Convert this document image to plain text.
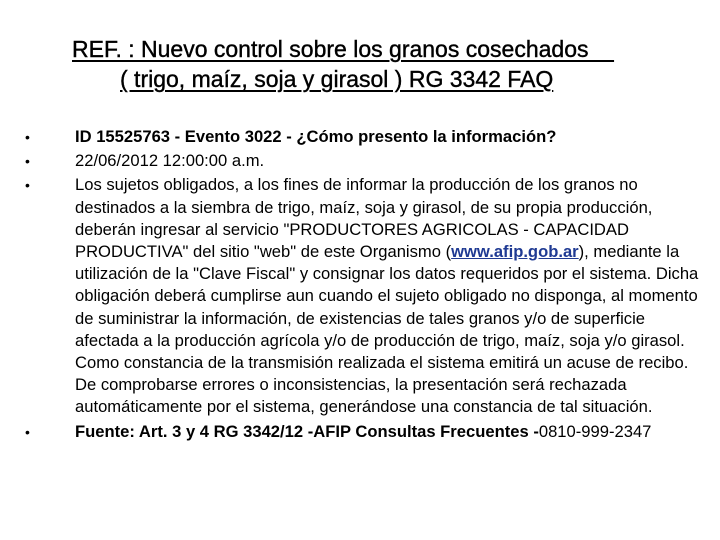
REF. : Nuevo control sobre los granos cosechados
( trigo, maíz, soja y girasol ) RG 3342 FAQ
•	ID 15525763 - Evento 3022 - ¿Cómo presento la información?
•	22/06/2012 12:00:00 a.m.
•	Los sujetos obligados, a los fines de informar la producción de los granos no destinados a la siembra de trigo, maíz, soja y girasol, de su propia producción, deberán ingresar al servicio "PRODUCTORES AGRICOLAS - CAPACIDAD PRODUCTIVA" del sitio "web" de este Organismo (www.afip.gob.ar), mediante la utilización de la "Clave Fiscal" y consignar los datos requeridos por el sistema. Dicha obligación deberá cumplirse aun cuando el sujeto obligado no disponga, al momento de suministrar la información, de existencias de tales granos y/o de superficie afectada a la producción agrícola y/o de producción de trigo, maíz, soja y/o girasol. Como constancia de la transmisión realizada el sistema emitirá un acuse de recibo. De comprobarse errores o inconsistencias, la presentación será rechazada automáticamente por el sistema, generándose una constancia de tal situación.
•	Fuente: Art. 3 y 4 RG 3342/12 -AFIP Consultas Frecuentes -0810-999-2347
